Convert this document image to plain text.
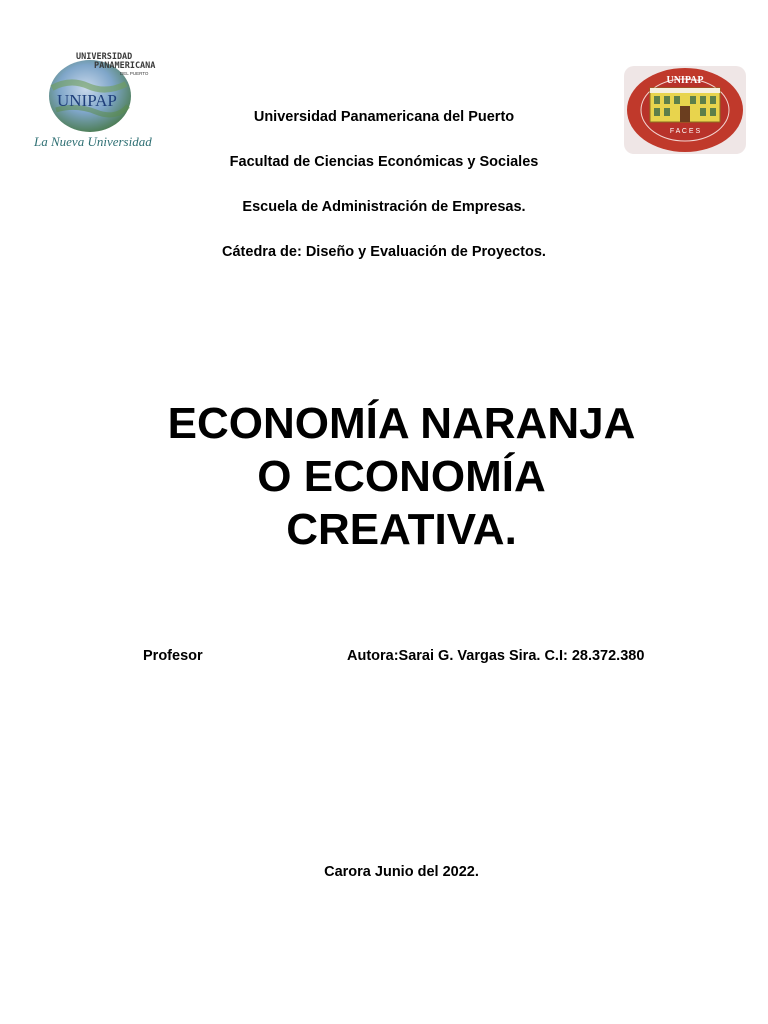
UNIVERSIDAD
PANAMERICANA
DEL PUERTO
UNIPAP
La Nueva Universidad
UNIPAP
F A C E S
Universidad Panamericana del Puerto
Facultad de Ciencias Económicas y Sociales
Escuela de Administración de Empresas.
Cátedra de: Diseño y Evaluación de Proyectos.
ECONOMÍA NARANJA
O ECONOMÍA
CREATIVA.
Profesor	Autora:Sarai G. Vargas Sira. C.I: 28.372.380
Carora Junio del 2022.
